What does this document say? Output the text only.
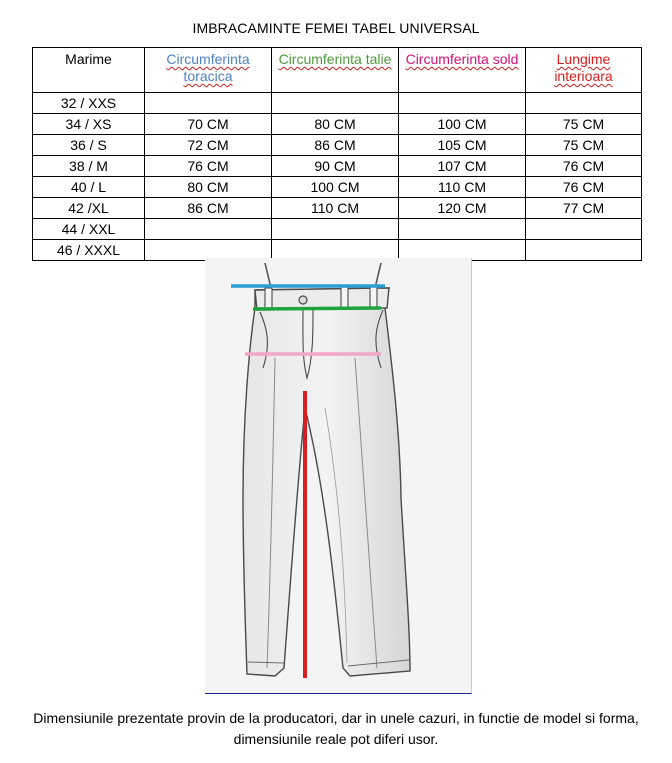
IMBRACAMINTE FEMEI TABEL UNIVERSAL
Marime	Circumferinta toracica	Circumferinta talie	Circumferinta sold	Lungime interioara
32 / XXS				
34 / XS	70 CM	80 CM	100 CM	75 CM
36 / S	72 CM	86 CM	105 CM	75 CM
38 / M	76 CM	90 CM	107 CM	76 CM
40 / L	80 CM	100 CM	110 CM	76 CM
42 /XL	86 CM	110 CM	120 CM	77 CM
44 / XXL				
46 / XXXL				
Dimensiunile prezentate provin de la producatori, dar in unele cazuri, in functie de model si forma,
dimensiunile reale pot diferi usor.
